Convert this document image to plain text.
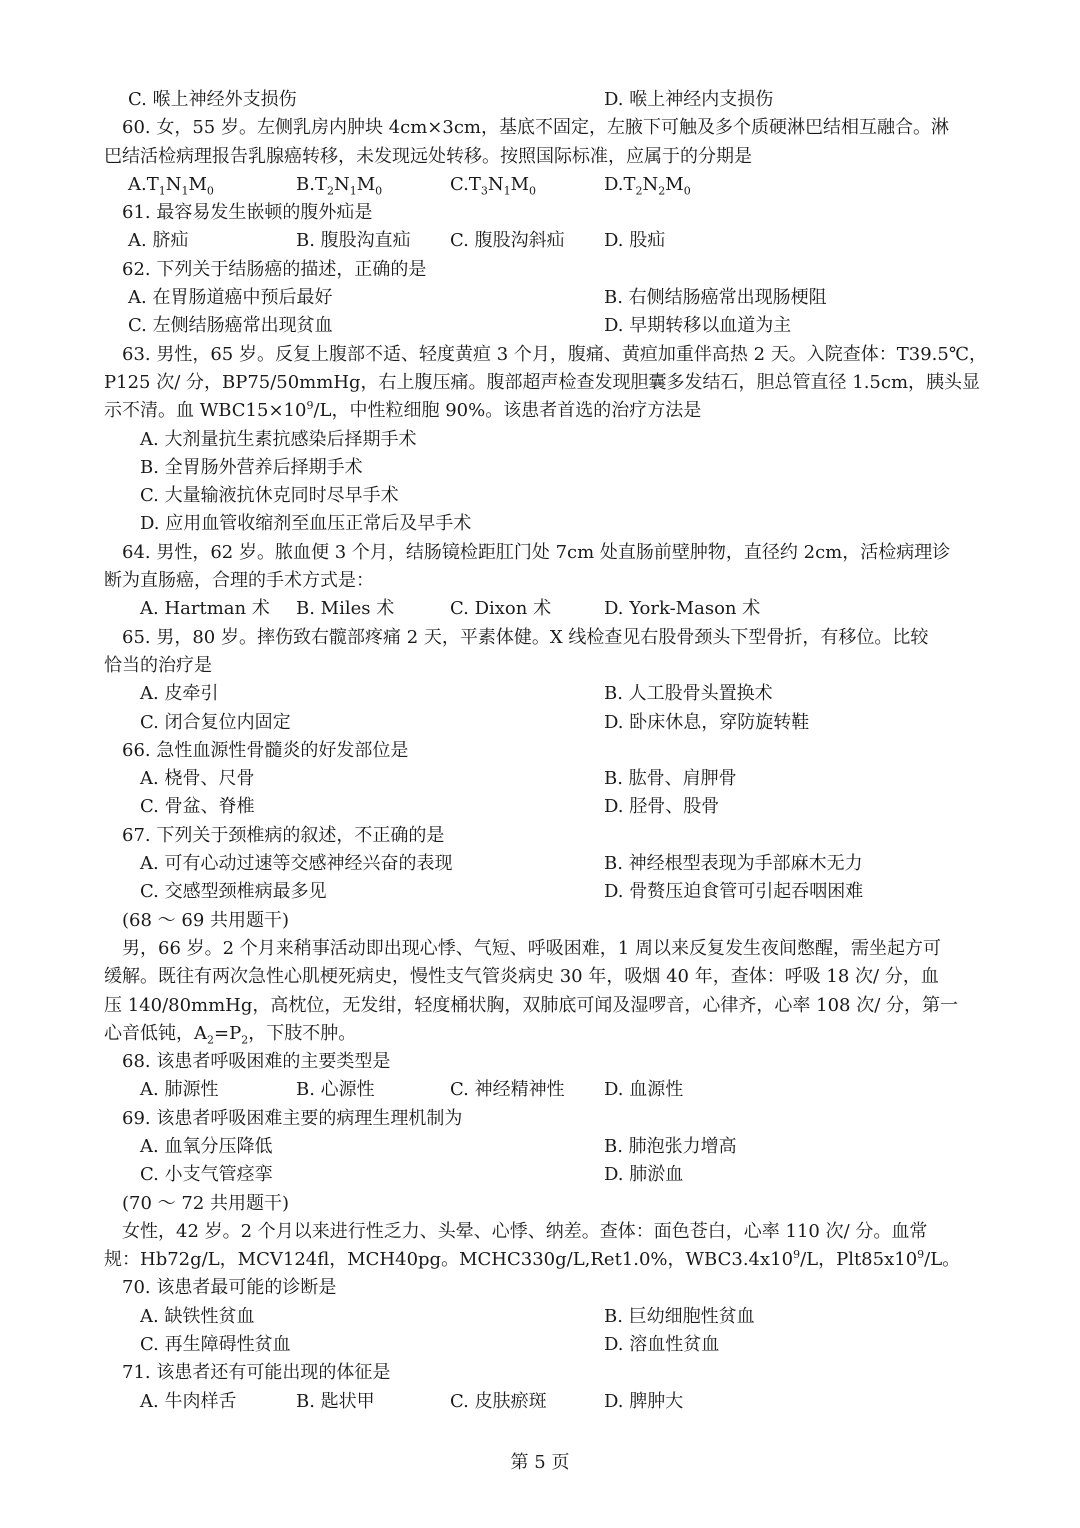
C. 喉上神经外支损伤	D. 喉上神经内支损伤
60. 女，55 岁。左侧乳房内肿块 4cm×3cm，基底不固定，左腋下可触及多个质硬淋巴结相互融合。淋
巴结活检病理报告乳腺癌转移，未发现远处转移。按照国际标准，应属于的分期是
$A.T_1N_1M_0$	$B.T_2N_1M_0$	$C.T_3N_1M_0$	$D.T_2N_2M_0$
61. 最容易发生嵌顿的腹外疝是
A. 脐疝	B. 腹股沟直疝 C. 腹股沟斜疝 D. 股疝
62. 下列关于结肠癌的描述，正确的是
A. 在胃肠道癌中预后最好	B. 右侧结肠癌常出现肠梗阻
C. 左侧结肠癌常出现贫血	D. 早期转移以血道为主
63. 男性，65 岁。反复上腹部不适、轻度黄疸 3 个月，腹痛、黄疸加重伴高热 2 天。入院查体：T39.5℃，
P125 次/ 分，BP75/50mmHg，右上腹压痛。腹部超声检查发现胆囊多发结石，胆总管直径 1.5cm，胰头显
示不清。血 $WBC15\times 10^9/L$，中性粒细胞 90%。该患者首选的治疗方法是
A. 大剂量抗生素抗感染后择期手术
B. 全胃肠外营养后择期手术
C. 大量输液抗休克同时尽早手术
D. 应用血管收缩剂至血压正常后及早手术
64. 男性，62 岁。脓血便 3 个月，结肠镜检距肛门处 7cm 处直肠前壁肿物，直径约 2cm，活检病理诊
断为直肠癌，合理的手术方式是：
A. Hartman 术 B. Miles 术	C. Dixon 术	D. York-Mason 术
65. 男，80 岁。摔伤致右髋部疼痛 2 天，平素体健。X 线检查见右股骨颈头下型骨折，有移位。比较
恰当的治疗是
A. 皮牵引	B. 人工股骨头置换术
C. 闭合复位内固定	D. 卧床休息，穿防旋转鞋
66. 急性血源性骨髓炎的好发部位是
A. 桡骨、尺骨	B. 肱骨、肩胛骨
C. 骨盆、脊椎	D. 胫骨、股骨
67. 下列关于颈椎病的叙述，不正确的是
A. 可有心动过速等交感神经兴奋的表现	B. 神经根型表现为手部麻木无力
C. 交感型颈椎病最多见	D. 骨赘压迫食管可引起吞咽困难
(68 ～ 69 共用题干)
男，66 岁。2 个月来稍事活动即出现心悸、气短、呼吸困难，1 周以来反复发生夜间憋醒，需坐起方可
缓解。既往有两次急性心肌梗死病史，慢性支气管炎病史 30 年，吸烟 40 年，查体：呼吸 18 次/ 分，血
压 140/80mmHg，高枕位，无发绀，轻度桶状胸，双肺底可闻及湿啰音，心律齐，心率 108 次/ 分，第一
心音低钝，$A_2=P_2$，下肢不肿。
68. 该患者呼吸困难的主要类型是
A. 肺源性	B. 心源性	C. 神经精神性 D. 血源性
69. 该患者呼吸困难主要的病理生理机制为
A. 血氧分压降低	B. 肺泡张力增高
C. 小支气管痉挛	D. 肺淤血
(70 ～ 72 共用题干)
女性，42 岁。2 个月以来进行性乏力、头晕、心悸、纳差。查体：面色苍白，心率 110 次/ 分。血常
规：Hb72g/L，MCV124fl，MCH40pg。MCHC330g/L,Ret1.0%，$WBC3.4x10^9/L$，$Plt85x10^9/L$。
70. 该患者最可能的诊断是
A. 缺铁性贫血	B. 巨幼细胞性贫血
C. 再生障碍性贫血	D. 溶血性贫血
71. 该患者还有可能出现的体征是
A. 牛肉样舌	B. 匙状甲	C. 皮肤瘀斑	D. 脾肿大
第 5 页
